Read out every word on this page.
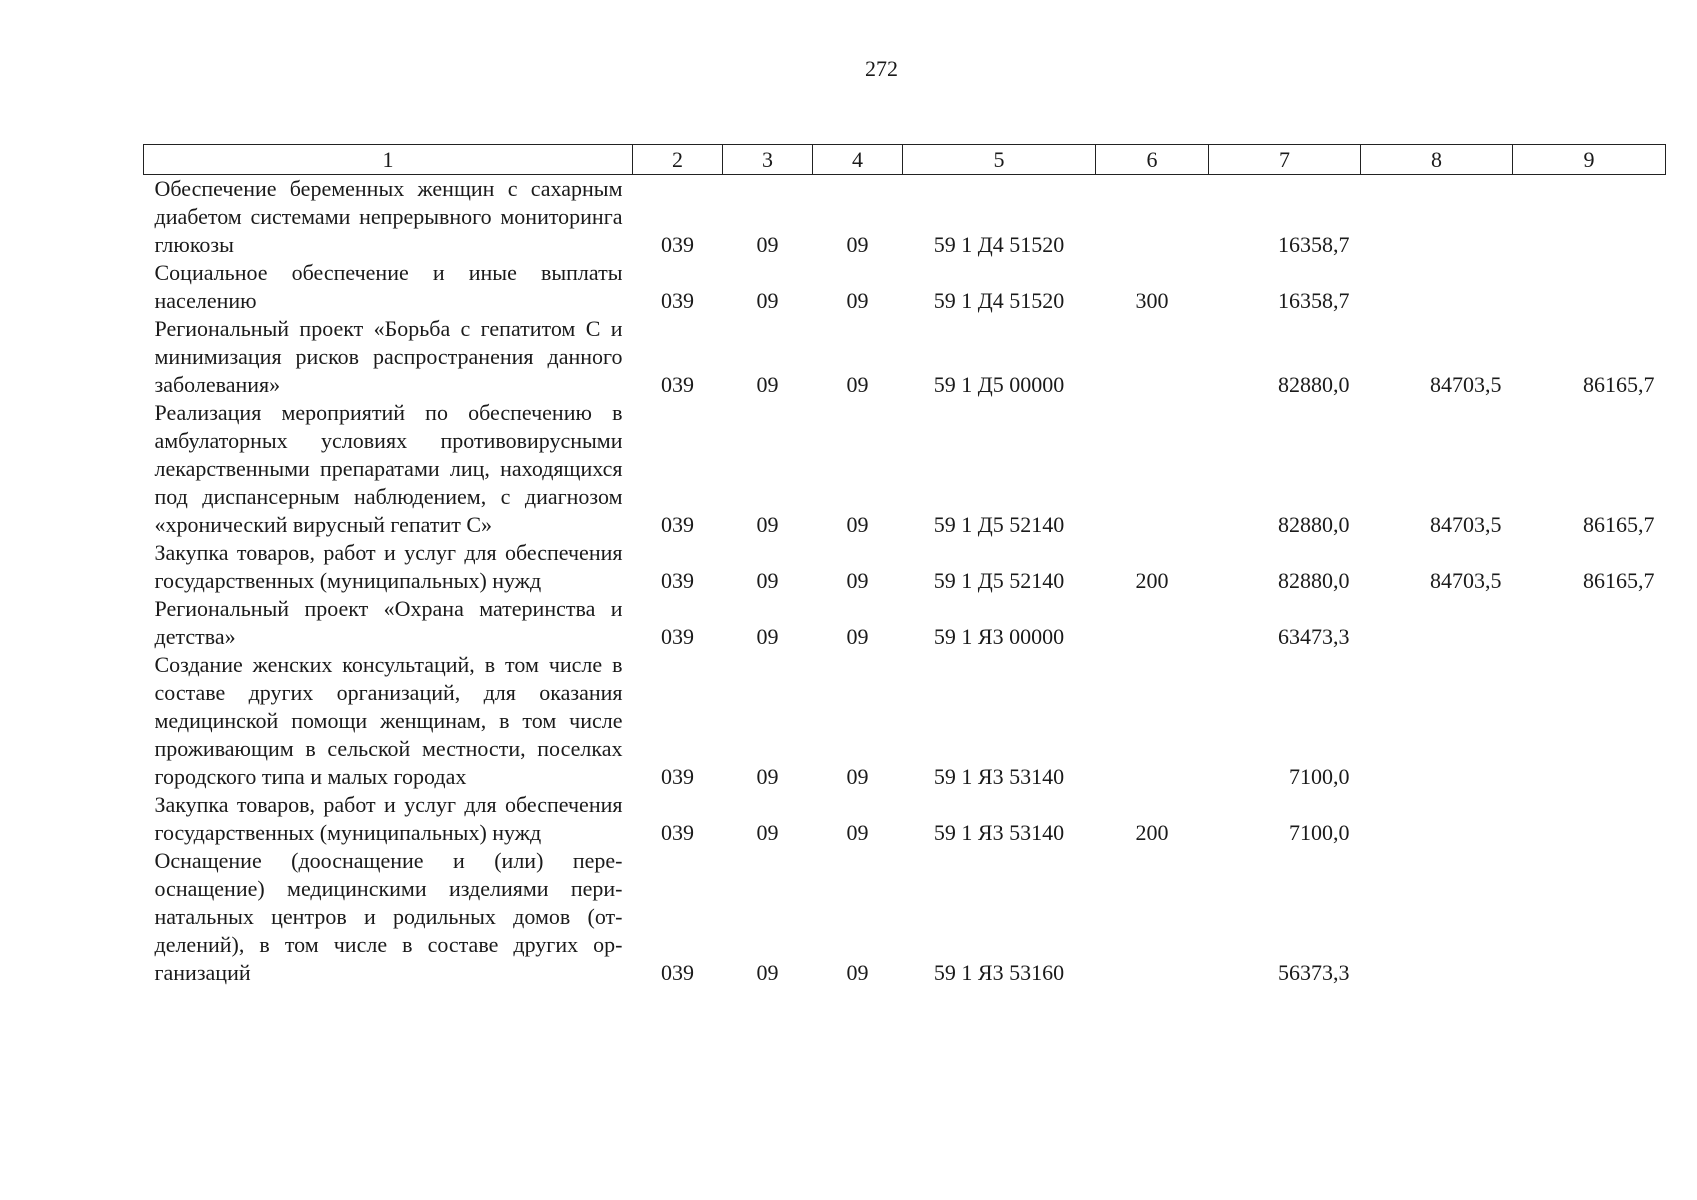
272
1	2	3	4	5	6	7	8	9
Обеспечение беременных женщин с сахарным диабетом системами непрерывного мониторинга глюкозы	039	09	09	59 1 Д4 51520		16358,7		
Социальное обеспечение и иные выплаты населению	039	09	09	59 1 Д4 51520	300	16358,7		
Региональный проект «Борьба с гепатитом С и минимизация рисков распространения данного заболевания»	039	09	09	59 1 Д5 00000		82880,0	84703,5	86165,7
Реализация мероприятий по обеспечению в амбулаторных условиях противовирусными лекарственными препаратами лиц, находящихся под диспансерным наблюдением, с диагнозом «хронический вирусный гепатит С»	039	09	09	59 1 Д5 52140		82880,0	84703,5	86165,7
Закупка товаров, работ и услуг для обеспечения государственных (муниципальных) нужд	039	09	09	59 1 Д5 52140	200	82880,0	84703,5	86165,7
Региональный проект «Охрана материнства и детства»	039	09	09	59 1 Я3 00000		63473,3		
Создание женских консультаций, в том числе в составе других организаций, для оказания медицинской помощи женщинам, в том числе проживающим в сельской местности, поселках городского типа и малых городах	039	09	09	59 1 Я3 53140		7100,0		
Закупка товаров, работ и услуг для обеспечения государственных (муниципальных) нужд	039	09	09	59 1 Я3 53140	200	7100,0		
Оснащение (дооснащение и (или) переоснащение) медицинскими изделиями перинатальных центров и родильных домов (отделений), в том числе в составе других организаций	039	09	09	59 1 Я3 53160		56373,3		
